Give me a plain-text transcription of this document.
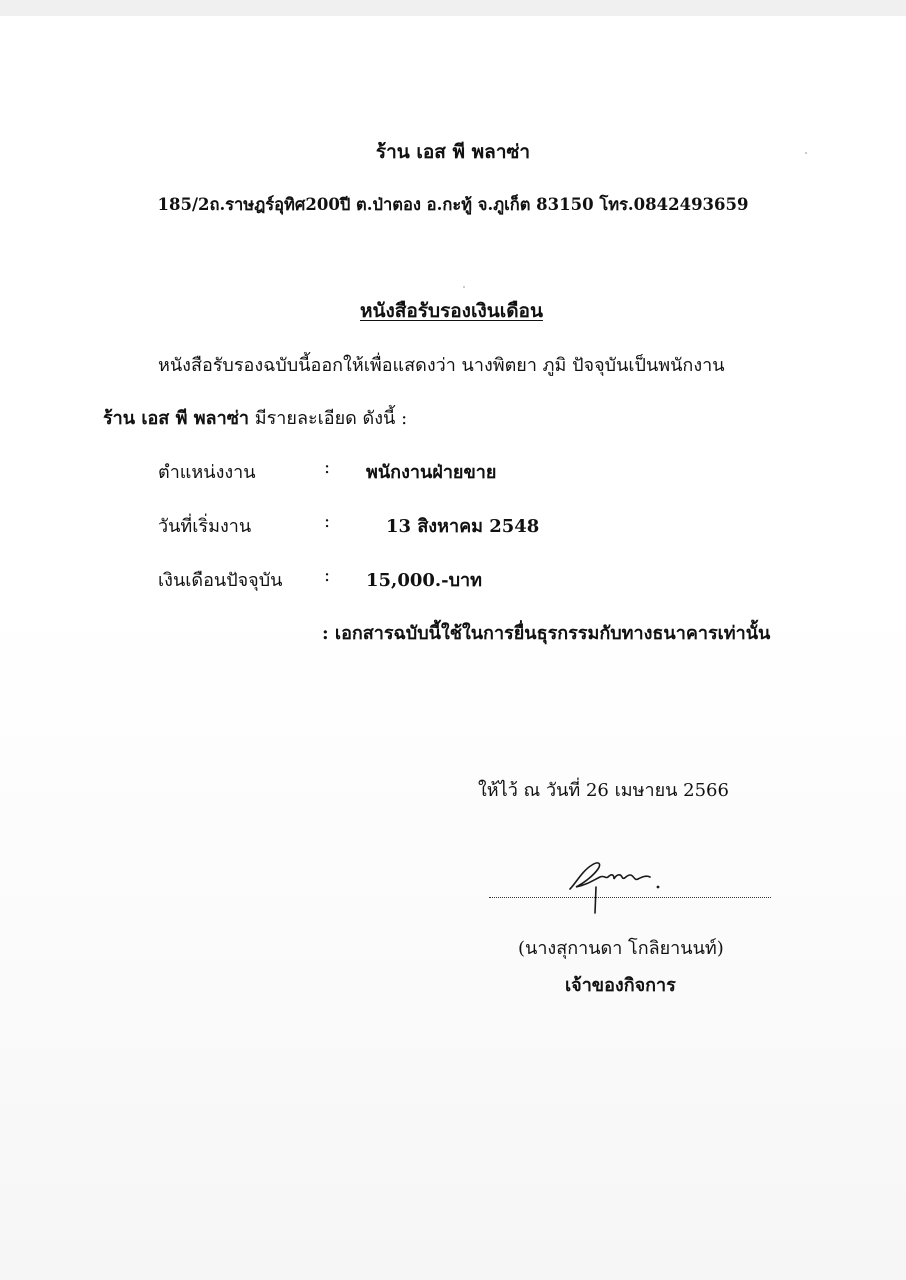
ร้าน เอส พี พลาซ่า
185/2ถ.ราษฎร์อุทิศ200ปี ต.ป่าตอง อ.กะทู้ จ.ภูเก็ต 83150 โทร.0842493659
หนังสือรับรองเงินเดือน
หนังสือรับรองฉบับนี้ออกให้เพื่อแสดงว่า นางพิตยา ภูมิ ปัจจุบันเป็นพนักงาน
ร้าน เอส พี พลาซ่า มีรายละเอียด ดังนี้ :
ตำแหน่งงาน	: พนักงานฝ่ายขาย
วันที่เริ่มงาน	:	13 สิงหาคม 2548
เงินเดือนปัจจุบัน : 15,000.-บาท
: เอกสารฉบับนี้ใช้ในการยื่นธุรกรรมกับทางธนาคารเท่านั้น
ให้ไว้ ณ วันที่ 26 เมษายน 2566
(นางสุกานดา โกลิยานนท์)
เจ้าของกิจการ
